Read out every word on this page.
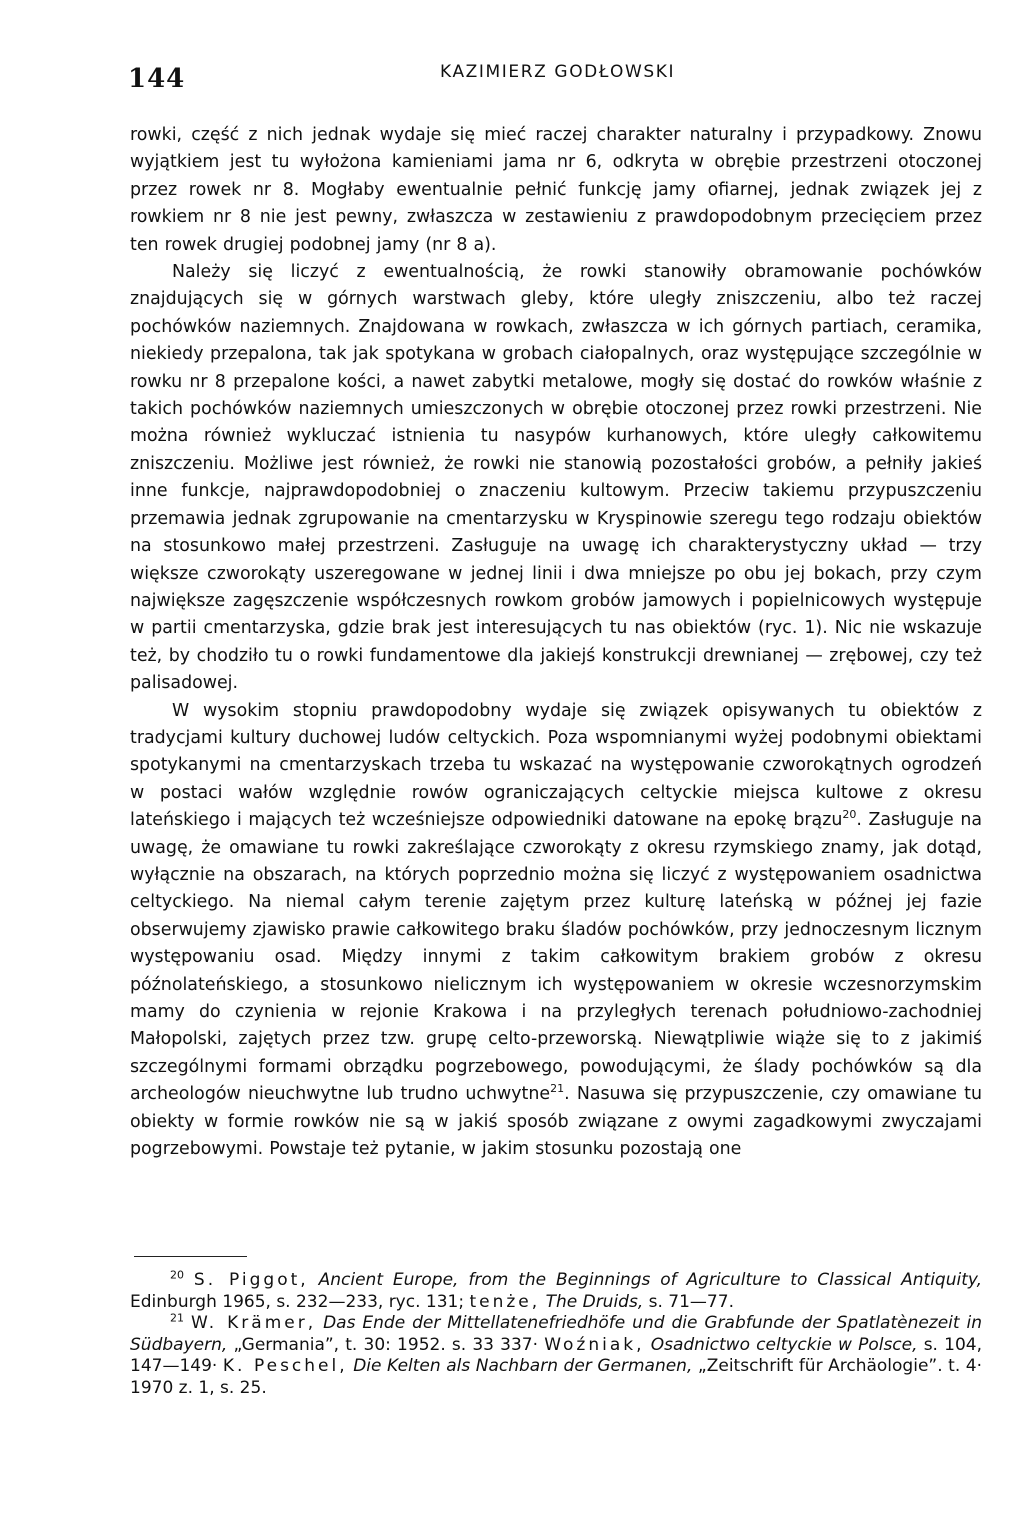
144	KAZIMIERZ GODŁOWSKI

rowki, część z nich jednak wydaje się mieć raczej charakter naturalny i przypadkowy. Znowu wyjątkiem jest tu wyłożona kamieniami jama nr 6, odkryta w obrębie przestrzeni otoczonej przez rowek nr 8. Mogłaby ewentualnie pełnić funkcję jamy ofiarnej, jednak związek jej z rowkiem nr 8 nie jest pewny, zwłaszcza w zestawieniu z prawdopodobnym przecięciem przez ten rowek drugiej podobnej jamy (nr 8 a).

Należy się liczyć z ewentualnością, że rowki stanowiły obramowanie pochówków znajdujących się w górnych warstwach gleby, które uległy zniszczeniu, albo też raczej pochówków naziemnych. Znajdowana w rowkach, zwłaszcza w ich górnych partiach, ceramika, niekiedy przepalona, tak jak spotykana w grobach ciałopalnych, oraz występujące szczególnie w rowku nr 8 przepalone kości, a nawet zabytki metalowe, mogły się dostać do rowków właśnie z takich pochówków naziemnych umieszczonych w obrębie otoczonej przez rowki przestrzeni. Nie można również wykluczać istnienia tu nasypów kurhanowych, które uległy całkowitemu zniszczeniu. Możliwe jest również, że rowki nie stanowią pozostałości grobów, a pełniły jakieś inne funkcje, najprawdopodobniej o znaczeniu kultowym. Przeciw takiemu przypuszczeniu przemawia jednak zgrupowanie na cmentarzysku w Kryspinowie szeregu tego rodzaju obiektów na stosunkowo małej przestrzeni. Zasługuje na uwagę ich charakterystyczny układ — trzy większe czworokąty uszeregowane w jednej linii i dwa mniejsze po obu jej bokach, przy czym największe zagęszczenie współczesnych rowkom grobów jamowych i popielnicowych występuje w partii cmentarzyska, gdzie brak jest interesujących tu nas obiektów (ryc. 1). Nic nie wskazuje też, by chodziło tu o rowki fundamentowe dla jakiejś konstrukcji drewnianej — zrębowej, czy też palisadowej.

W wysokim stopniu prawdopodobny wydaje się związek opisywanych tu obiektów z tradycjami kultury duchowej ludów celtyckich. Poza wspomnianymi wyżej podobnymi obiektami spotykanymi na cmentarzyskach trzeba tu wskazać na występowanie czworokątnych ogrodzeń w postaci wałów względnie rowów ograniczających celtyckie miejsca kultowe z okresu lateńskiego i mających też wcześniejsze odpowiedniki datowane na epokę brązu$^{20}$. Zasługuje na uwagę, że omawiane tu rowki zakreślające czworokąty z okresu rzymskiego znamy, jak dotąd, wyłącznie na obszarach, na których poprzednio można się liczyć z występowaniem osadnictwa celtyckiego. Na niemal całym terenie zajętym przez kulturę lateńską w późnej jej fazie obserwujemy zjawisko prawie całkowitego braku śladów pochówków, przy jednoczesnym licznym występowaniu osad. Między innymi z takim całkowitym brakiem grobów z okresu późnolateńskiego, a stosunkowo nielicznym ich występowaniem w okresie wczesnorzymskim mamy do czynienia w rejonie Krakowa i na przyległych terenach południowo-zachodniej Małopolski, zajętych przez tzw. grupę celto-przeworską. Niewątpliwie wiąże się to z jakimiś szczególnymi formami obrządku pogrzebowego, powodującymi, że ślady pochówków są dla archeologów nieuchwytne lub trudno uchwytne$^{21}$. Nasuwa się przypuszczenie, czy omawiane tu obiekty w formie rowków nie są w jakiś sposób związane z owymi zagadkowymi zwyczajami pogrzebowymi. Powstaje też pytanie, w jakim stosunku pozostają one

$^{20}$ S. Piggot, Ancient Europe, from the Beginnings of Agriculture to Classical Antiquity, Edinburgh 1965, s. 232—233, ryc. 131; tenże, The Druids, s. 71—77.

$^{21}$ W. Krämer, Das Ende der Mittellatenefriedhöfe und die Grabfunde der Spatlatènezeit in Südbayern, „Germania”, t. 30: 1952. s. 33 337· Woźniak, Osadnictwo celtyckie w Polsce, s. 104, 147—149· K. Peschel, Die Kelten als Nachbarn der Germanen, „Zeitschrift für Archäologie”. t. 4· 1970 z. 1, s. 25.
